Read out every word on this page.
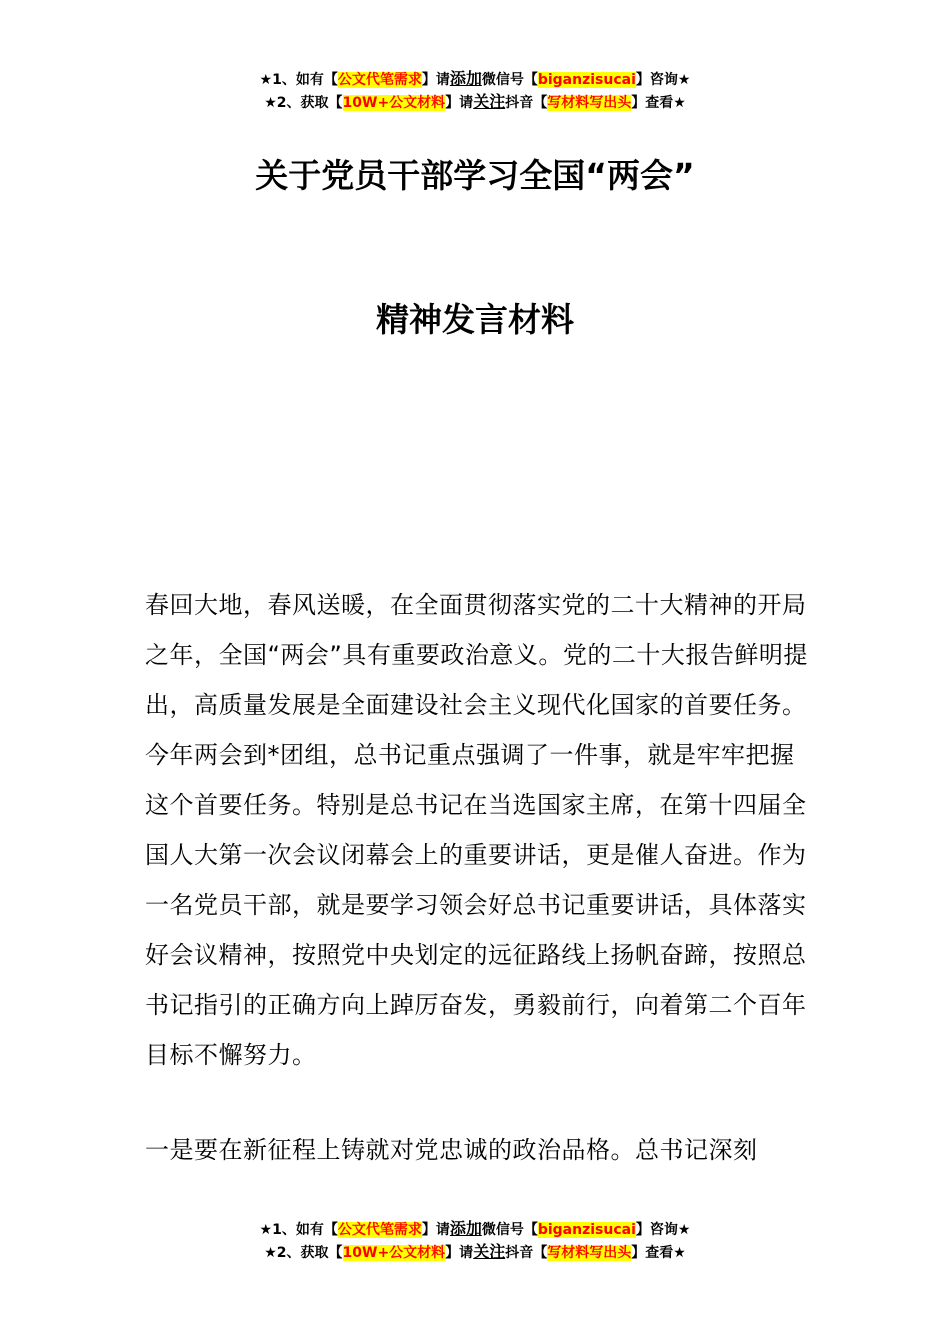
★1、如有【公文代笔需求】请添加微信号【biganzisucai】咨询★
★2、获取【10W+公文材料】请关注抖音【写材料写出头】查看★
关于党员干部学习全国“两会”
精神发言材料
春回大地，春风送暖，在全面贯彻落实党的二十大精神的开局之年，全国“两会”具有重要政治意义。党的二十大报告鲜明提出，高质量发展是全面建设社会主义现代化国家的首要任务。今年两会到*团组，总书记重点强调了一件事，就是牢牢把握这个首要任务。特别是总书记在当选国家主席，在第十四届全国人大第一次会议闭幕会上的重要讲话，更是催人奋进。作为一名党员干部，就是要学习领会好总书记重要讲话，具体落实好会议精神，按照党中央划定的远征路线上扬帆奋蹄，按照总书记指引的正确方向上踔厉奋发，勇毅前行，向着第二个百年目标不懈努力。
一是要在新征程上铸就对党忠诚的政治品格。总书记深刻
★1、如有【公文代笔需求】请添加微信号【biganzisucai】咨询★
★2、获取【10W+公文材料】请关注抖音【写材料写出头】查看★
